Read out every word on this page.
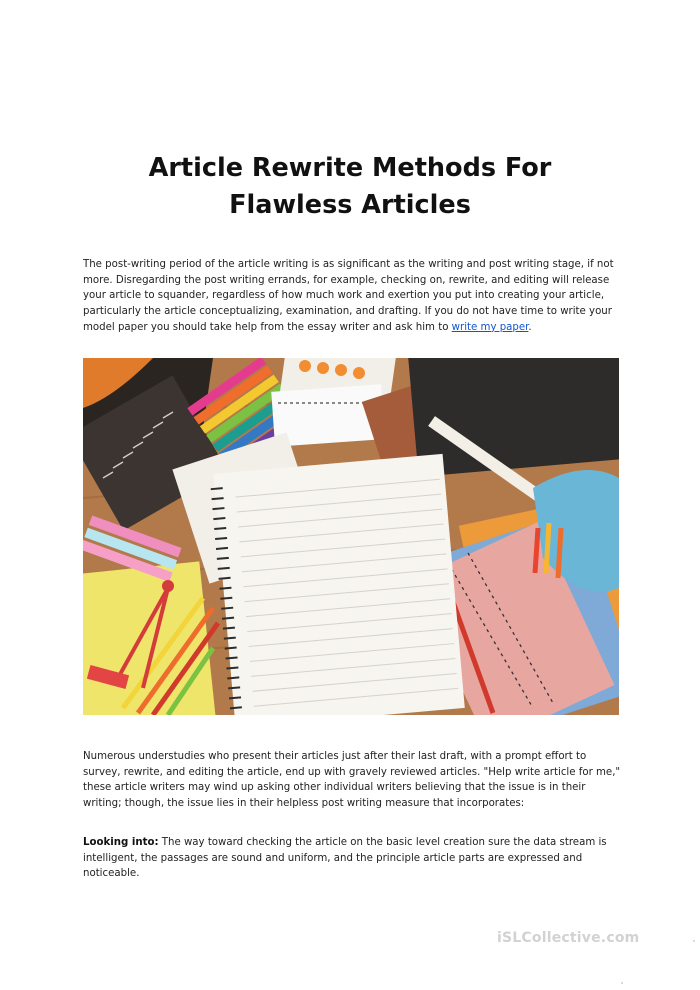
Article Rewrite Methods For
Flawless Articles
The post-writing period of the article writing is as significant as the writing and post writing stage, if not more. Disregarding the post writing errands, for example, checking on, rewrite, and editing will release your article to squander, regardless of how much work and exertion you put into creating your article, particularly the article conceptualizing, examination, and drafting. If you do not have time to write your model paper you should take help from the essay writer and ask him to write my paper.
Numerous understudies who present their articles just after their last draft, with a prompt effort to survey, rewrite, and editing the article, end up with gravely reviewed articles. "Help write article for me," these article writers may wind up asking other individual writers believing that the issue is in their writing; though, the issue lies in their helpless post writing measure that incorporates:
Looking into: The way toward checking the article on the basic level creation sure the data stream is intelligent, the passages are sound and uniform, and the principle article parts are expressed and noticeable.
iSLCollective.com
